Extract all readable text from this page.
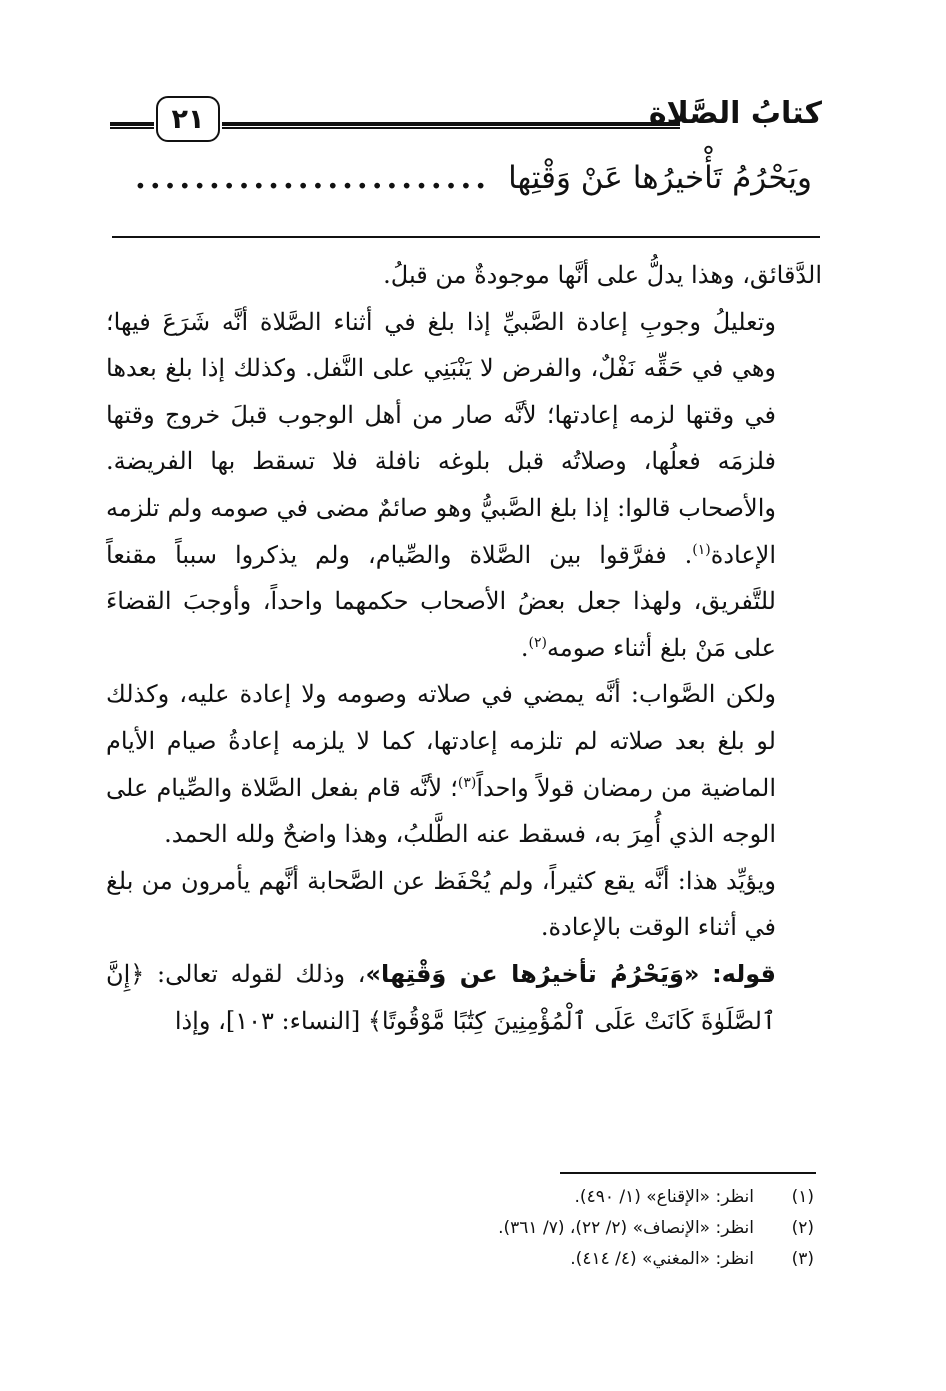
٢١	كتابُ الصَّلاة
ويَحْرُمُ تَأْخيرُها عَنْ وَقْتِها
........................

الدَّقائق، وهذا يدلُّ على أنَّها موجودةٌ من قبلُ.

وتعليلُ وجوبِ إعادة الصَّبيِّ إذا بلغ في أثناء الصَّلاة أنَّه شَرَعَ فيها؛ وهي في حَقِّه نَفْلٌ، والفرض لا يَنْبَنِي على النَّفل. وكذلك إذا بلغ بعدها في وقتها لزمه إعادتها؛ لأنَّه صار من أهل الوجوب قبلَ خروج وقتها فلزمَه فعلُها، وصلاتُه قبل بلوغه نافلة فلا تسقط بها الفريضة. والأصحاب قالوا: إذا بلغ الصَّبيُّ وهو صائمٌ مضى في صومه ولم تلزمه الإعادة$^{(١)}$. ففرَّقوا بين الصَّلاة والصِّيام، ولم يذكروا سبباً مقنعاً للتَّفريق، ولهذا جعل بعضُ الأصحاب حكمهما واحداً، وأوجبَ القضاءَ على مَنْ بلغ أثناء صومه$^{(٢)}$.

ولكن الصَّواب: أنَّه يمضي في صلاته وصومه ولا إعادة عليه، وكذلك لو بلغ بعد صلاته لم تلزمه إعادتها، كما لا يلزمه إعادةُ صيام الأيام الماضية من رمضان قولاً واحداً$^{(٣)}$؛ لأنَّه قام بفعل الصَّلاة والصِّيام على الوجه الذي أُمِرَ به، فسقط عنه الطَّلبُ، وهذا واضحٌ ولله الحمد.

ويؤيِّد هذا: أنَّه يقع كثيراً، ولم يُحْفَظ عن الصَّحابة أنَّهم يأمرون من بلغ في أثناء الوقت بالإعادة.

قوله: «وَيَحْرُمُ تأخيرُها عن وَقْتِها»، وذلك لقوله تعالى: ﴿إِنَّ ٱلصَّلَوٰةَ كَانَتْ عَلَى ٱلْمُؤْمِنِينَ كِتَٰبًا مَّوْقُوتًا﴾ [النساء: ١٠٣]، وإذا

(١)
انظر: «الإقناع» (١/ ٤٩٠).
(٢)
انظر: «الإنصاف» (٢/ ٢٢)، (٧/ ٣٦١).
(٣)
انظر: «المغني» (٤/ ٤١٤).
